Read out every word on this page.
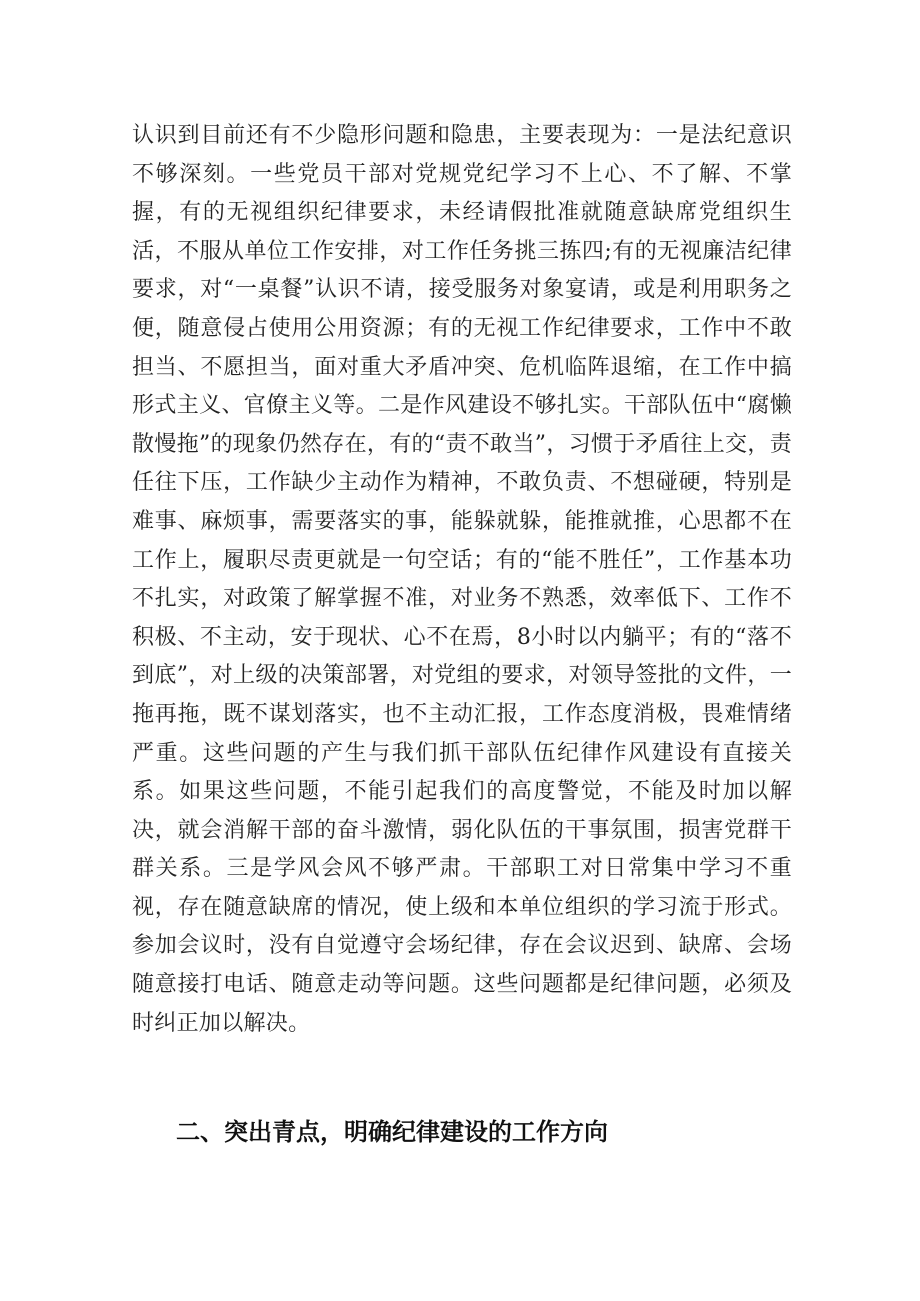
认识到目前还有不少隐形问题和隐患，主要表现为：一是法纪意识不够深刻。一些党员干部对党规党纪学习不上心、不了解、不掌握，有的无视组织纪律要求，未经请假批准就随意缺席党组织生活，不服从单位工作安排，对工作任务挑三拣四;有的无视廉洁纪律要求，对“一桌餐”认识不请，接受服务对象宴请，或是利用职务之便，随意侵占使用公用资源；有的无视工作纪律要求，工作中不敢担当、不愿担当，面对重大矛盾冲突、危机临阵退缩，在工作中搞形式主义、官僚主义等。二是作风建设不够扎实。干部队伍中“腐懒散慢拖”的现象仍然存在，有的“责不敢当”，习惯于矛盾往上交，责任往下压，工作缺少主动作为精神，不敢负责、不想碰硬，特别是难事、麻烦事，需要落实的事，能躲就躲，能推就推，心思都不在工作上，履职尽责更就是一句空话；有的“能不胜任”，工作基本功不扎实，对政策了解掌握不准，对业务不熟悉，效率低下、工作不积极、不主动，安于现状、心不在焉，8小时以内躺平；有的“落不到底”，对上级的决策部署，对党组的要求，对领导签批的文件，一拖再拖，既不谋划落实，也不主动汇报，工作态度消极，畏难情绪严重。这些问题的产生与我们抓干部队伍纪律作风建设有直接关系。如果这些问题，不能引起我们的高度警觉，不能及时加以解决，就会消解干部的奋斗激情，弱化队伍的干事氛围，损害党群干群关系。三是学风会风不够严肃。干部职工对日常集中学习不重视，存在随意缺席的情况，使上级和本单位组织的学习流于形式。参加会议时，没有自觉遵守会场纪律，存在会议迟到、缺席、会场随意接打电话、随意走动等问题。这些问题都是纪律问题，必须及时纠正加以解决。

二、突出青点，明确纪律建设的工作方向
